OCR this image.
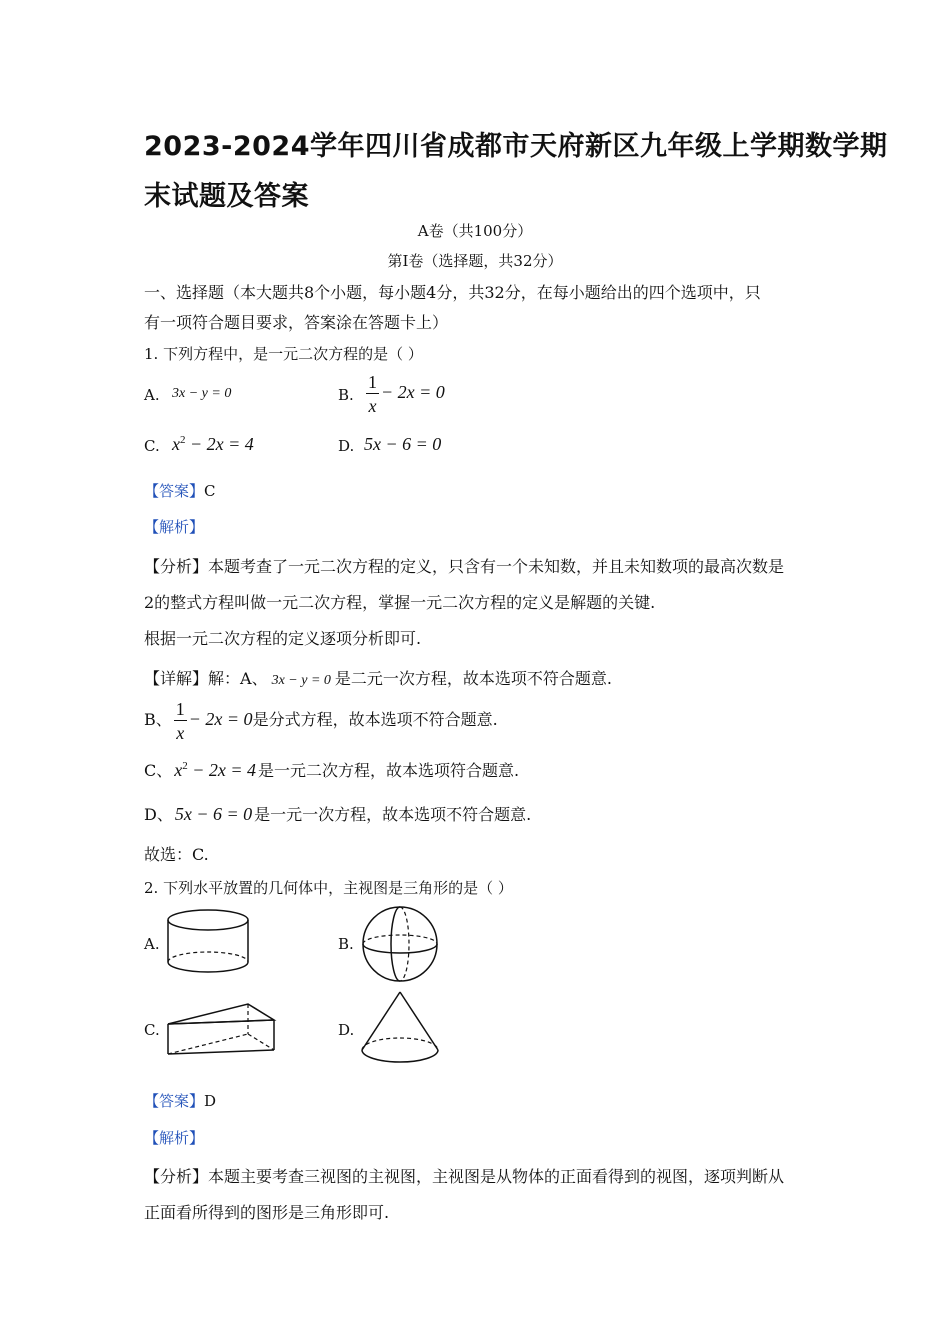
2023-2024学年四川省成都市天府新区九年级上学期数学期
末试题及答案
A卷（共100分）
第Ⅰ卷（选择题，共32分）
一、选择题（本大题共8个小题，每小题4分，共32分，在每小题给出的四个选项中，只
有一项符合题目要求，答案涂在答题卡上）
1. 下列方程中，是一元二次方程的是（ ）
A. 3x − y = 0	B. $\frac{1}{x} - 2x = 0$
C. $x^2 - 2x = 4$	D. 5x − 6 = 0
【答案】C
【解析】
【分析】本题考查了一元二次方程的定义，只含有一个未知数，并且未知数项的最高次数是
2的整式方程叫做一元二次方程，掌握一元二次方程的定义是解题的关键.
根据一元二次方程的定义逐项分析即可.
【详解】解：A、 3x − y = 0 是二元一次方程，故本选项不符合题意.
B、 $\frac{1}{x} - 2x = 0$是分式方程，故本选项不符合题意.
C、 $x^2 - 2x = 4$ 是一元二次方程，故本选项符合题意.
D、 5x − 6 = 0 是一元一次方程，故本选项不符合题意.
故选：C.
2. 下列水平放置的几何体中，主视图是三角形的是（ ）
A.	B.
C.	D.
【答案】D
【解析】
【分析】本题主要考查三视图的主视图，主视图是从物体的正面看得到的视图，逐项判断从
正面看所得到的图形是三角形即可.
